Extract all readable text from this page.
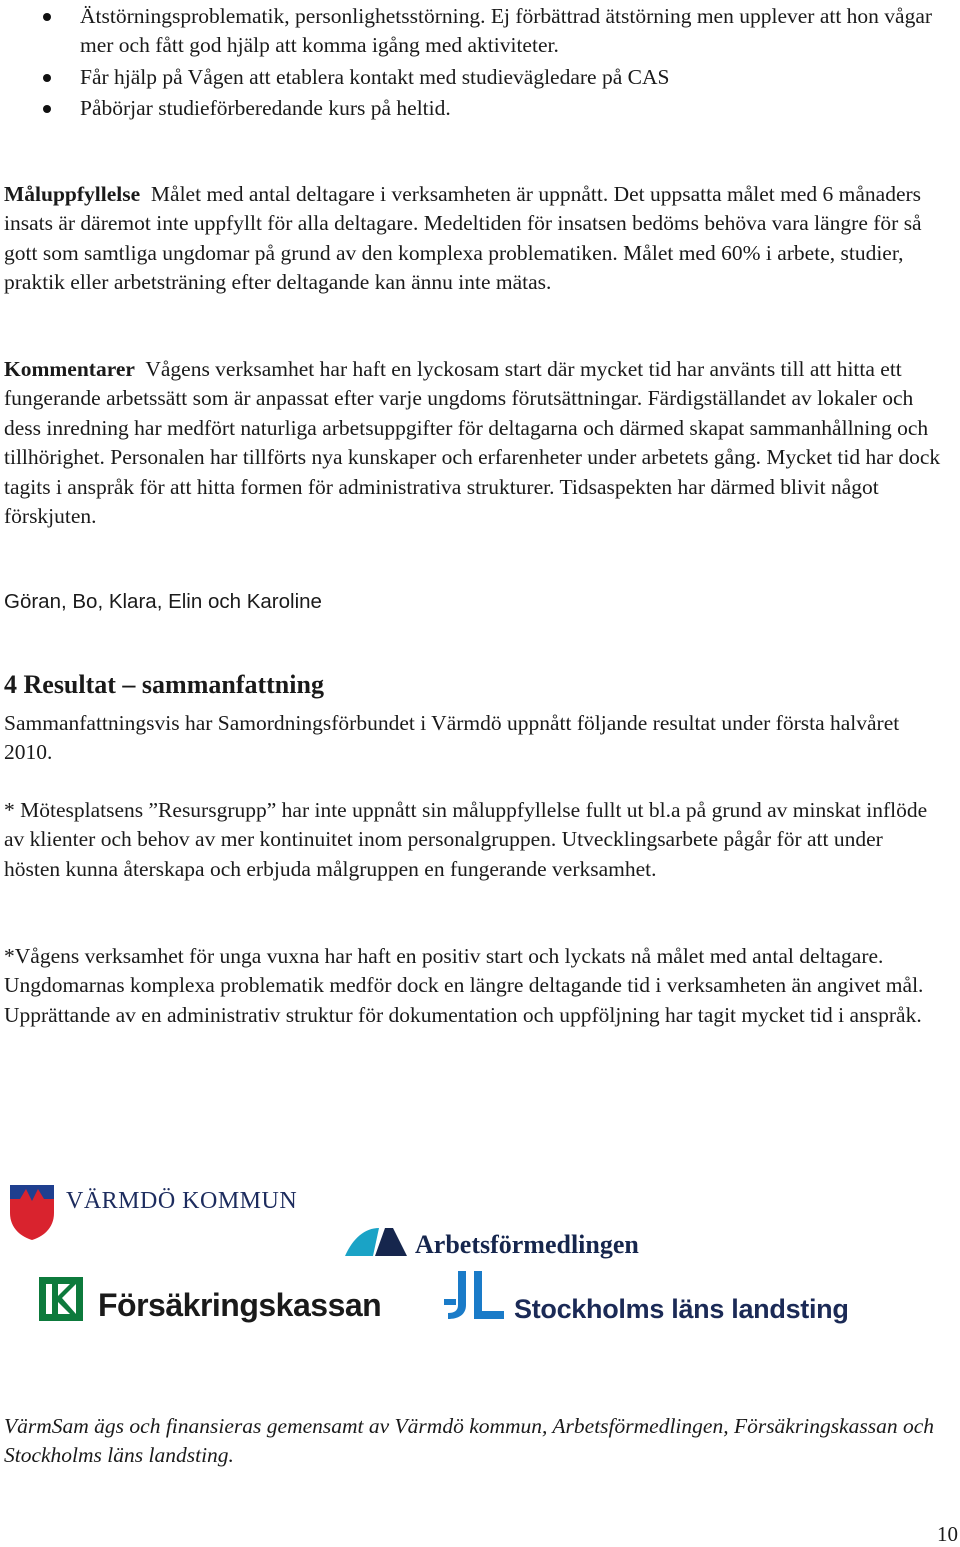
Ätstörningsproblematik, personlighetsstörning. Ej förbättrad ätstörning men upplever att hon vågar mer och fått god hjälp att komma igång med aktiviteter.
Får hjälp på Vågen att etablera kontakt med studievägledare på CAS
Påbörjar studieförberedande kurs på heltid.

Måluppfyllelse Målet med antal deltagare i verksamheten är uppnått. Det uppsatta målet med 6 månaders insats är däremot inte uppfyllt för alla deltagare. Medeltiden för insatsen bedöms behöva vara längre för så gott som samtliga ungdomar på grund av den komplexa problematiken. Målet med 60% i arbete, studier, praktik eller arbetsträning efter deltagande kan ännu inte mätas.

Kommentarer Vågens verksamhet har haft en lyckosam start där mycket tid har använts till att hitta ett fungerande arbetssätt som är anpassat efter varje ungdoms förutsättningar. Färdigställandet av lokaler och dess inredning har medfört naturliga arbetsuppgifter för deltagarna och därmed skapat sammanhållning och tillhörighet. Personalen har tillförts nya kunskaper och erfarenheter under arbetets gång. Mycket tid har dock tagits i anspråk för att hitta formen för administrativa strukturer. Tidsaspekten har därmed blivit något förskjuten.

Göran, Bo, Klara, Elin och Karoline

4 Resultat – sammanfattning

Sammanfattningsvis har Samordningsförbundet i Värmdö uppnått följande resultat under första halvåret 2010.

* Mötesplatsens ”Resursgrupp” har inte uppnått sin måluppfyllelse fullt ut bl.a på grund av minskat inflöde av klienter och behov av mer kontinuitet inom personalgruppen. Utvecklingsarbete pågår för att under hösten kunna återskapa och erbjuda målgruppen en fungerande verksamhet.

*Vågens verksamhet för unga vuxna har haft en positiv start och lyckats nå målet med antal deltagare. Ungdomarnas komplexa problematik medför dock en längre deltagande tid i verksamheten än angivet mål. Upprättande av en administrativ struktur för dokumentation och uppföljning har tagit mycket tid i anspråk.

VÄRMDÖ KOMMUN
Arbetsförmedlingen
Försäkringskassan	Stockholms läns landsting

VärmSam ägs och finansieras gemensamt av Värmdö kommun, Arbetsförmedlingen, Försäkringskassan och Stockholms läns landsting.

10
